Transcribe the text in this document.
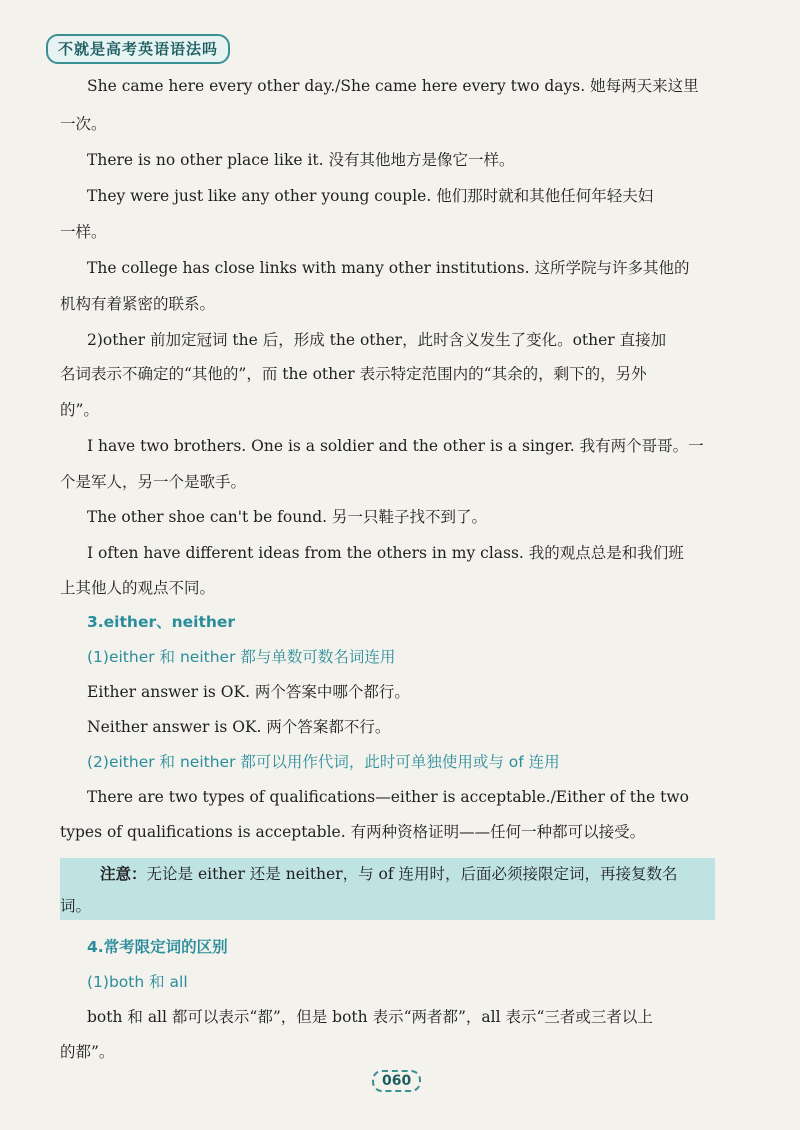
不就是高考英语语法吗
She came here every other day./She came here every two days. 她每两天来这里
一次。
There is no other place like it. 没有其他地方是像它一样。
They were just like any other young couple. 他们那时就和其他任何年轻夫妇
一样。
The college has close links with many other institutions. 这所学院与许多其他的
机构有着紧密的联系。
2)other 前加定冠词 the 后，形成 the other，此时含义发生了变化。other 直接加
名词表示不确定的“其他的”，而 the other 表示特定范围内的“其余的，剩下的，另外
的”。
I have two brothers. One is a soldier and the other is a singer. 我有两个哥哥。一
个是军人，另一个是歌手。
The other shoe can't be found. 另一只鞋子找不到了。
I often have different ideas from the others in my class. 我的观点总是和我们班
上其他人的观点不同。
3.either、neither
(1)either 和 neither 都与单数可数名词连用
Either answer is OK. 两个答案中哪个都行。
Neither answer is OK. 两个答案都不行。
(2)either 和 neither 都可以用作代词，此时可单独使用或与 of 连用
There are two types of qualifications—either is acceptable./Either of the two
types of qualifications is acceptable. 有两种资格证明——任何一种都可以接受。
注意：无论是 either 还是 neither，与 of 连用时，后面必须接限定词，再接复数名
词。
4.常考限定词的区别
(1)both 和 all
both 和 all 都可以表示“都”，但是 both 表示“两者都”，all 表示“三者或三者以上
的都”。
060
